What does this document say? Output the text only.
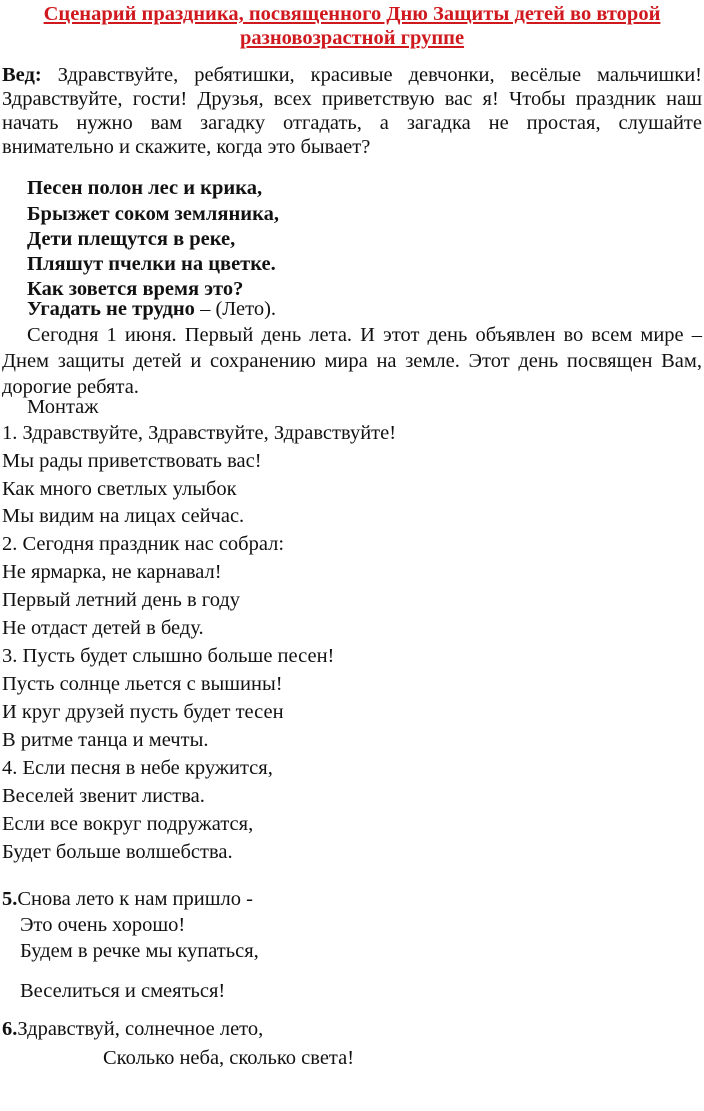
Сценарий праздника, посвященного Дню Защиты детей во второй разновозрастной группе
Вед: Здравствуйте, ребятишки, красивые девчонки, весёлые мальчишки! Здравствуйте, гости! Друзья, всех приветствую вас я! Чтобы праздник наш начать нужно вам загадку отгадать, а загадка не простая, слушайте внимательно и скажите, когда это бывает?
Песен полон лес и крика,
Брызжет соком земляника,
Дети плещутся в реке,
Пляшут пчелки на цветке.
Как зовется время это?
Угадать не трудно – (Лето).
Сегодня 1 июня. Первый день лета. И этот день объявлен во всем мире – Днем защиты детей и сохранению мира на земле. Этот день посвящен Вам, дорогие ребята.
Монтаж
1. Здравствуйте, Здравствуйте, Здравствуйте!
Мы рады приветствовать вас!
Как много светлых улыбок
Мы видим на лицах сейчас.
2. Сегодня праздник нас собрал:
Не ярмарка, не карнавал!
Первый летний день в году
Не отдаст детей в беду.
3. Пусть будет слышно больше песен!
Пусть солнце льется с вышины!
И круг друзей пусть будет тесен
В ритме танца и мечты.
4. Если песня в небе кружится,
Веселей звенит листва.
Если все вокруг подружатся,
Будет больше волшебства.
5.Снова лето к нам пришло -
Это очень хорошо!
Будем в речке мы купаться,
Веселиться и смеяться!
6.Здравствуй, солнечное лето,
Сколько неба, сколько света!
